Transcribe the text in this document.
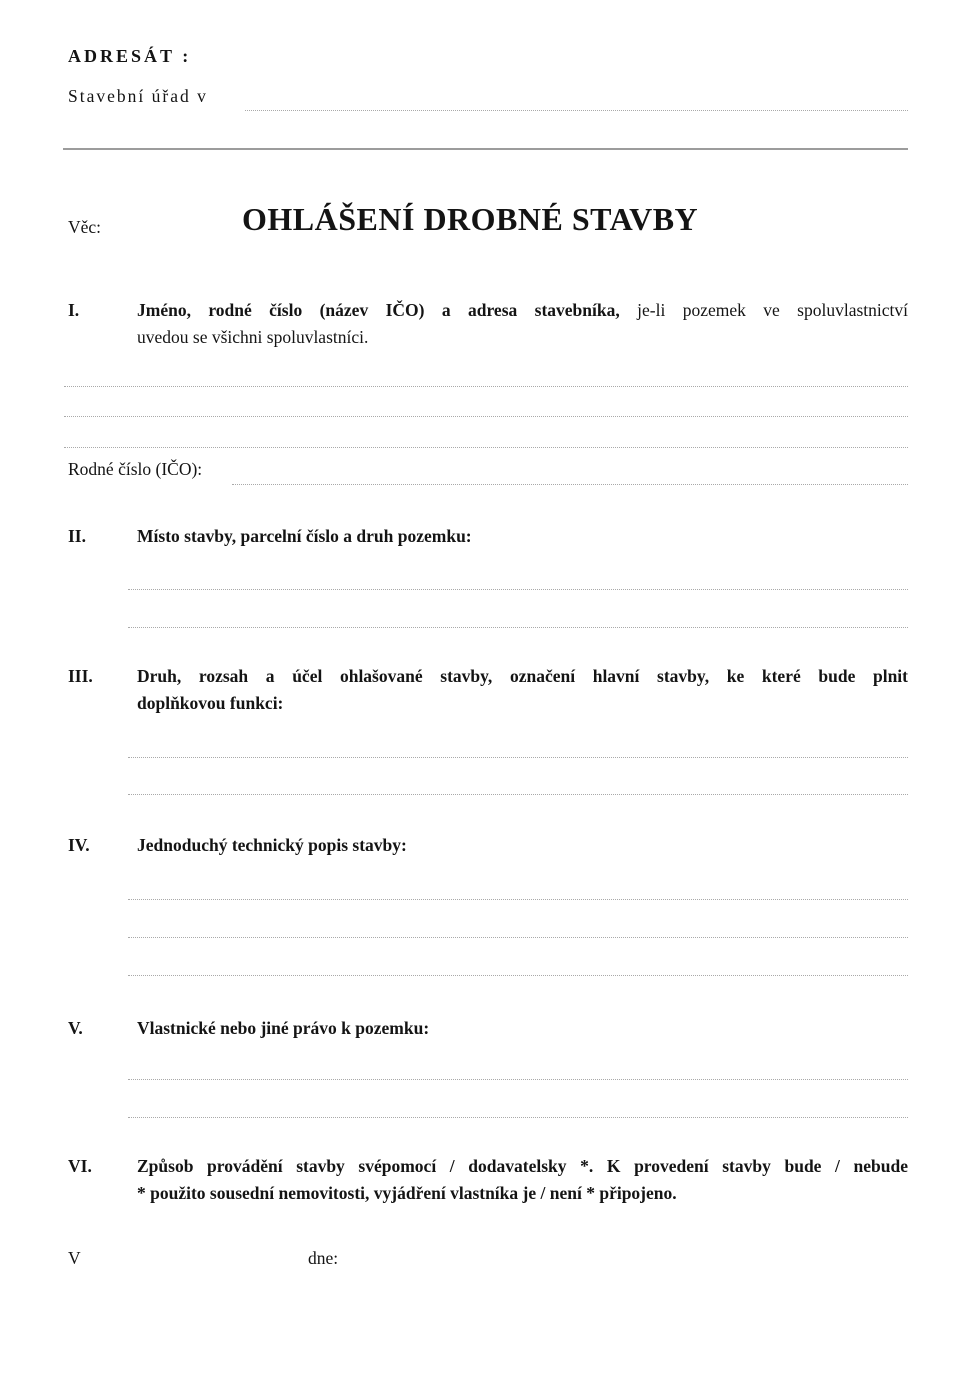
ADRESÁT :
Stavební úřad v
Věc:	OHLÁŠENÍ DROBNÉ STAVBY
I.	Jméno, rodné číslo (název IČO) a adresa stavebníka, je-li pozemek ve spoluvlastnictví
uvedou se všichni spoluvlastníci.
Rodné číslo (IČO):
II.	Místo stavby, parcelní číslo a druh pozemku:
III.	Druh, rozsah a účel ohlašované stavby, označení hlavní stavby, ke které bude plnit
doplňkovou funkci:
IV.	Jednoduchý technický popis stavby:
V.	Vlastnické nebo jiné právo k pozemku:
VI.	Způsob provádění stavby svépomocí / dodavatelsky *. K provedení stavby bude / nebude
* použito sousední nemovitosti, vyjádření vlastníka je / není * připojeno.
V	dne:
